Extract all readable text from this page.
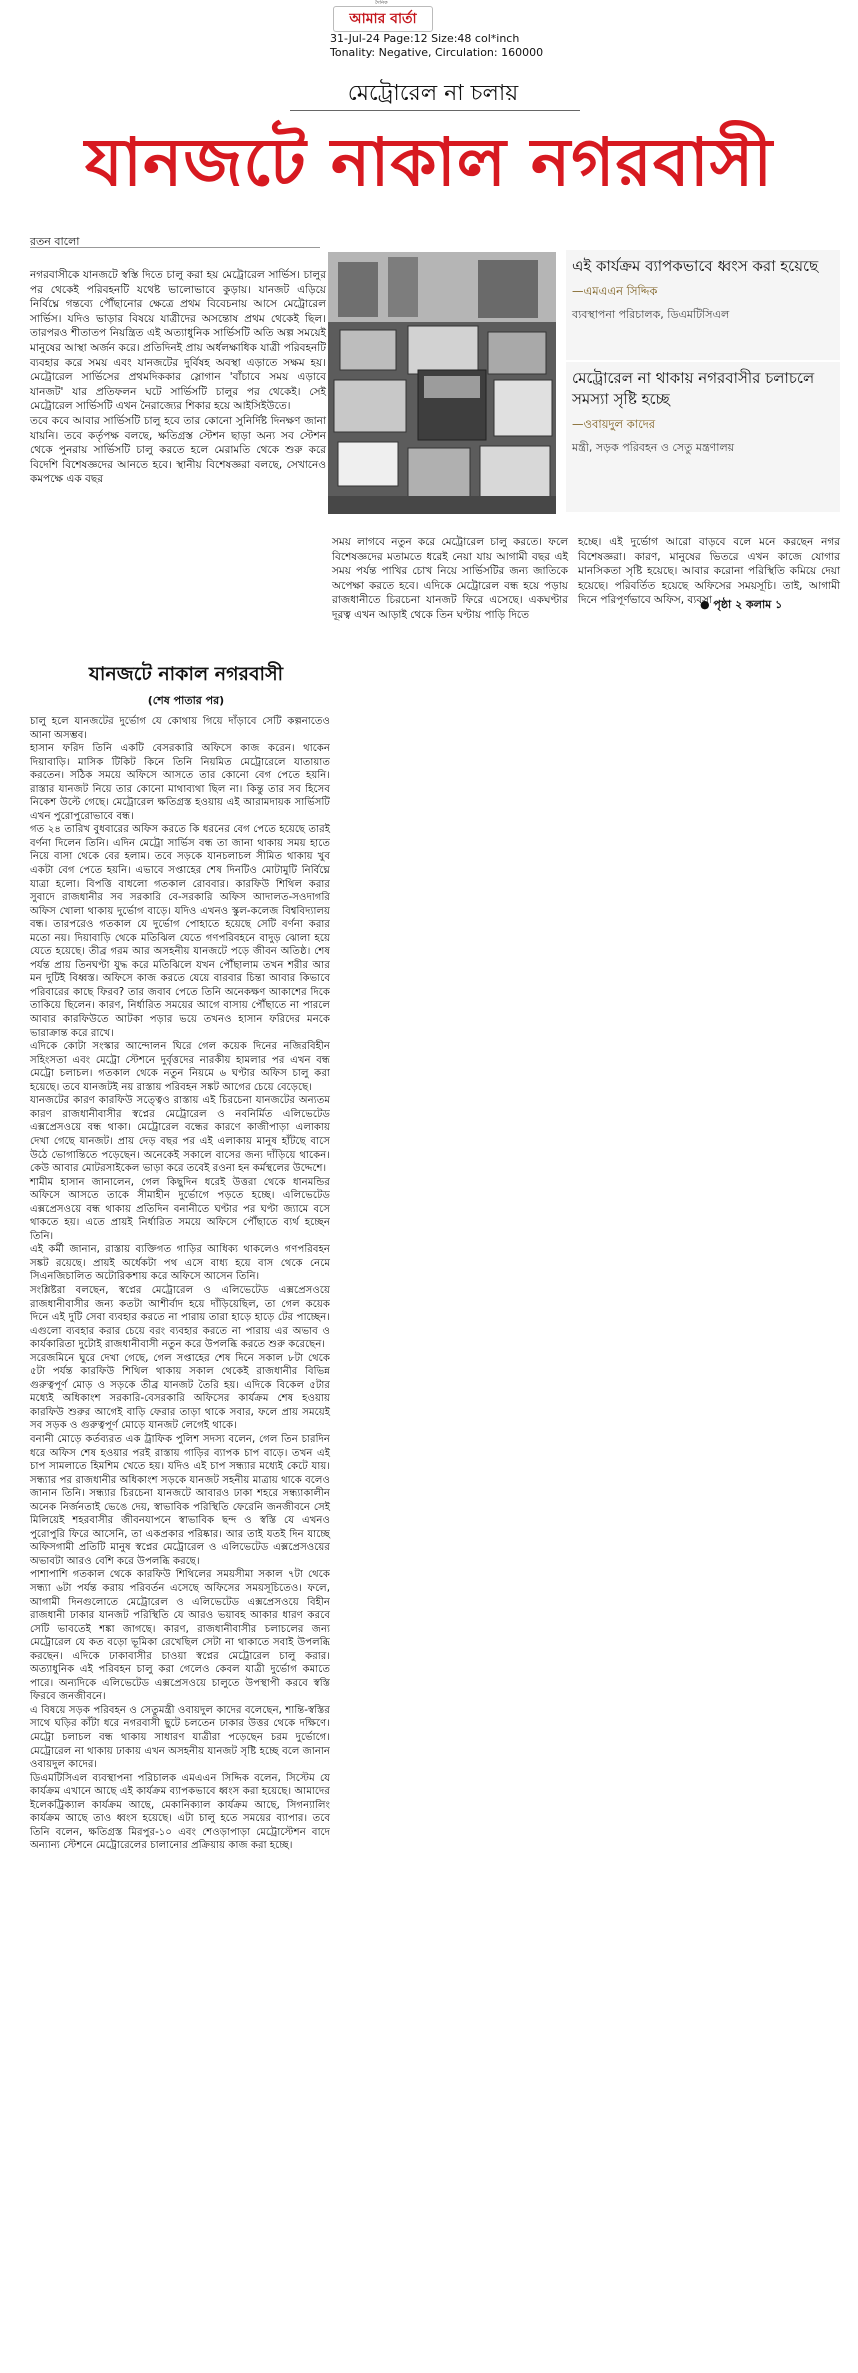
আমার বার্তা
দৈনিক
31-Jul-24 Page:12 Size:48 col*inch
Tonality: Negative, Circulation: 160000
মেট্রোরেল না চলায়
যানজটে নাকাল নগরবাসী
রতন বালো

নগরবাসীকে যানজটে স্বস্তি দিতে চালু করা হয় মেট্রোরেল সার্ভিস। চালুর পর থেকেই পরিবহনটি যথেষ্ট ভালোভাবে কুড়ায়। যানজট এড়িয়ে নির্বিঘ্নে গন্তব্যে পৌঁছানোর ক্ষেত্রে প্রথম বিবেচনায় আসে মেট্রোরেল সার্ভিস। যদিও ভাড়ার বিষয়ে যাত্রীদের অসন্তোষ প্রথম থেকেই ছিল। তারপরও শীতাতপ নিয়ন্ত্রিত এই অত্যাধুনিক সার্ভিসটি অতি অল্প সময়েই মানুষের আস্থা অর্জন করে। প্রতিদিনই প্রায় অর্ধলক্ষাধিক যাত্রী পরিবহনটি ব্যবহার করে সময় এবং যানজটের দুর্বিষহ অবস্থা এড়াতে সক্ষম হয়। মেট্রোরেল সার্ভিসের প্রথমদিককার স্লোগান 'বাঁচাবে সময় এড়াবে যানজট' যার প্রতিফলন ঘটে সার্ভিসটি চালুর পর থেকেই। সেই মেট্রোরেল সার্ভিসটি এখন নৈরাজ্যের শিকার হয়ে আইসিইউতে।

তবে কবে আবার সার্ভিসটি চালু হবে তার কোনো সুনির্দিষ্ট দিনক্ষণ জানা যায়নি। তবে কর্তৃপক্ষ বলছে, ক্ষতিগ্রস্ত স্টেশন ছাড়া অন্য সব স্টেশন থেকে পুনরায় সার্ভিসটি চালু করতে হলে মেরামতি থেকে শুরু করে বিদেশি বিশেষজ্ঞদের আনতে হবে। স্থানীয় বিশেষজ্ঞরা বলছে, সেখানেও কমপক্ষে এক বছর

এই কার্যক্রম ব্যাপকভাবে ধ্বংস করা হয়েছে

—এমএএন সিদ্দিক
ব্যবস্থাপনা পরিচালক, ডিএমটিসিএল

মেট্রোরেল না থাকায় নগরবাসীর চলাচলে সমস্যা সৃষ্টি হচ্ছে

—ওবায়দুল কাদের
মন্ত্রী, সড়ক পরিবহন ও সেতু মন্ত্রণালয়
সময় লাগবে নতুন করে মেট্রোরেল চালু করতে। ফলে বিশেষজ্ঞদের মতামতে ধরেই নেয়া যায় আগামী বছর এই সময় পর্যন্ত পাখির চোখ নিয়ে সার্ভিসটির জন্য জাতিকে অপেক্ষা করতে হবে। এদিকে মেট্রোরেল বন্ধ হয়ে পড়ায় রাজধানীতে চিরচেনা যানজট ফিরে এসেছে। একঘণ্টার দূরত্ব এখন আড়াই থেকে তিন ঘণ্টায় পাড়ি দিতে
হচ্ছে। এই দুর্ভোগ আরো বাড়বে বলে মনে করছেন নগর বিশেষজ্ঞরা। কারণ, মানুষের ভিতরে এখন কাজে যোগার মানসিকতা সৃষ্টি হয়েছে। আবার করোনা পরিস্থিতি কমিয়ে দেয়া হয়েছে। পরিবর্তিত হয়েছে অফিসের সময়সূচি। তাই, আগামী দিনে পরিপূর্ণভাবে অফিস, ব্যবসা
● পৃষ্ঠা ২ কলাম ১
যানজটে নাকাল নগরবাসী
(শেষ পাতার পর)

চালু হলে যানজটের দুর্ভোগ যে কোথায় গিয়ে দাঁড়াবে সেটি কল্পনাতেও আনা অসম্ভব।

হাসান ফরিদ তিনি একটি বেসরকারি অফিসে কাজ করেন। থাকেন দিয়াবাড়ি। মাসিক টিকিট কিনে তিনি নিয়মিত মেট্রোরেলে যাতায়াত করতেন। সঠিক সময়ে অফিসে আসতে তার কোনো বেগ পেতে হয়নি। রাস্তার যানজট নিয়ে তার কোনো মাথাব্যথা ছিল না। কিন্তু তার সব হিসেব নিকেশ উল্টে গেছে। মেট্রোরেল ক্ষতিগ্রস্ত হওয়ায় এই আরামদায়ক সার্ভিসটি এখন পুরোপুরোভাবে বন্ধ।

গত ২৪ তারিখ বুধবারের অফিস করতে কি ধরনের বেগ পেতে হয়েছে তারই বর্ণনা দিলেন তিনি। এদিন মেট্রো সার্ভিস বন্ধ তা জানা থাকায় সময় হাতে নিয়ে বাসা থেকে বের হলাম। তবে সড়কে যানচলাচল সীমিত থাকায় খুব একটা বেগ পেতে হয়নি। এভাবে সপ্তাহের শেষ দিনটিও মোটামুটি নির্বিঘ্নে যাত্রা হলো। বিপত্তি বাধলো গতকাল রোববার। কারফিউ শিথিল করার সুবাদে রাজধানীর সব সরকারি বে-সরকারি অফিস আদালত-সওদাগরি অফিস খোলা থাকায় দুর্ভোগ বাড়ে। যদিও এখনও স্কুল-কলেজ বিশ্ববিদ্যালয় বন্ধ। তারপরেও গতকাল যে দুর্ভোগ পোহাতে হয়েছে সেটি বর্ণনা করার মতো নয়। দিয়াবাড়ি থেকে মতিঝিল যেতে গণপরিবহনে বাদুড় ঝোলা হয়ে যেতে হয়েছে। তীব্র গরম আর অসহনীয় যানজটে পড়ে জীবন অতিষ্ঠ। শেষ পর্যন্ত প্রায় তিনঘণ্টা যুদ্ধ করে মতিঝিলে যখন পৌঁছালাম তখন শরীর আর মন দুটিই বিধ্বস্ত। অফিসে কাজ করতে যেয়ে বারবার চিন্তা আবার কিভাবে পরিবারের কাছে ফিরব? তার জবাব পেতে তিনি অনেকক্ষণ আকাশের দিকে তাকিয়ে ছিলেন। কারণ, নির্ধারিত সময়ের আগে বাসায় পৌঁছাতে না পারলে আবার কারফিউতে আটকা পড়ার ভয়ে তখনও হাসান ফরিদের মনকে ভারাক্রান্ত করে রাখে।

এদিকে কোটা সংস্কার আন্দোলন ঘিরে গেল কয়েক দিনের নজিরবিহীন সহিংসতা এবং মেট্রো স্টেশনে দুর্বৃত্তদের নারকীয় হামলার পর এখন বন্ধ মেট্রো চলাচল। গতকাল থেকে নতুন নিয়মে ৬ ঘণ্টার অফিস চালু করা হয়েছে। তবে যানজটই নয় রাস্তায় পরিবহন সঙ্কট আগের চেয়ে বেড়েছে।

যানজটের কারণ কারফিউ সত্ত্বেও রাস্তায় এই চিরচেনা যানজটের অন্যতম কারণ রাজধানীবাসীর স্বপ্নের মেট্রোরেল ও নবনির্মিত এলিভেটেড এক্সপ্রেসওয়ে বন্ধ থাকা। মেট্রোরেল বন্ধের কারণে কাজীপাড়া এলাকায় দেখা গেছে যানজট। প্রায় দেড় বছর পর এই এলাকায় মানুষ হাঁটছে বাসে উঠে ভোগান্তিতে পড়েছেন। অনেকেই সকালে বাসের জন্য দাঁড়িয়ে থাকেন। কেউ আবার মোটরসাইকেল ভাড়া করে তবেই রওনা হন কর্মস্থলের উদ্দেশে।

শামীম হাসান জানালেন, গেল কিছুদিন ধরেই উত্তরা থেকে ধানমন্ডির অফিসে আসতে তাকে সীমাহীন দুর্ভোগে পড়তে হচ্ছে। এলিভেটেড এক্সপ্রেসওয়ে বন্ধ থাকায় প্রতিদিন বনানীতে ঘণ্টার পর ঘণ্টা জ্যামে বসে থাকতে হয়। এতে প্রায়ই নির্ধারিত সময়ে অফিসে পৌঁছাতে ব্যর্থ হচ্ছেন তিনি।

এই কর্মী জানান, রাস্তায় ব্যক্তিগত গাড়ির আধিক্য থাকলেও গণপরিবহন সঙ্কট রয়েছে। প্রায়ই অর্ধেকটা পথ এসে বাধ্য হয়ে বাস থেকে নেমে সিএনজিচালিত অটোরিকশায় করে অফিসে আসেন তিনি।

সংশ্লিষ্টরা বলছেন, স্বপ্নের মেট্রোরেল ও এলিভেটেড এক্সপ্রেসওয়ে রাজধানীবাসীর জন্য কতটা আশীর্বাদ হয়ে দাঁড়িয়েছিল, তা গেল কয়েক দিনে এই দুটি সেবা ব্যবহার করতে না পারায় তারা হাড়ে হাড়ে টের পাচ্ছেন। এগুলো ব্যবহার করার চেয়ে বরং ব্যবহার করতে না পারায় এর অভাব ও কার্যকারিতা দুটোই রাজধানীবাসী নতুন করে উপলব্ধি করতে শুরু করেছেন।

সরেজমিনে ঘুরে দেখা গেছে, গেল সপ্তাহের শেষ দিনে সকাল ৮টা থেকে ৫টা পর্যন্ত কারফিউ শিথিল থাকায় সকাল থেকেই রাজধানীর বিভিন্ন গুরুত্বপূর্ণ মোড় ও সড়কে তীব্র যানজট তৈরি হয়। এদিকে বিকেল ৫টার মধ্যেই অধিকাংশ সরকারি-বেসরকারি অফিসের কার্যক্রম শেষ হওয়ায় কারফিউ শুরুর আগেই বাড়ি ফেরার তাড়া থাকে সবার, ফলে প্রায় সময়েই সব সড়ক ও গুরুত্বপূর্ণ মোড়ে যানজট লেগেই থাকে।

বনানী মোড়ে কর্তব্যরত এক ট্রাফিক পুলিশ সদস্য বলেন, গেল তিন চারদিন ধরে অফিস শেষ হওয়ার পরই রাস্তায় গাড়ির ব্যাপক চাপ বাড়ে। তখন এই চাপ সামলাতে হিমশিম খেতে হয়। যদিও এই চাপ সন্ধ্যার মধ্যেই কেটে যায়। সন্ধ্যার পর রাজধানীর অধিকাংশ সড়কে যানজট সহনীয় মাত্রায় থাকে বলেও জানান তিনি। সন্ধ্যার চিরচেনা যানজটে আবারও ঢাকা শহরে সন্ধ্যাকালীন অনেক নির্জনতাই ভেঙে দেয়, স্বাভাবিক পরিস্থিতি ফেরেনি জনজীবনে সেই মিলিয়েই শহরবাসীর জীবনযাপনে স্বাভাবিক ছন্দ ও স্বস্তি যে এখনও পুরোপুরি ফিরে আসেনি, তা একপ্রকার পরিষ্কার। আর তাই যতই দিন যাচ্ছে অফিসগামী প্রতিটি মানুষ স্বপ্নের মেট্রোরেল ও এলিভেটেড এক্সপ্রেসওয়ের অভাবটা আরও বেশি করে উপলব্ধি করছে।

পাশাপাশি গতকাল থেকে কারফিউ শিথিলের সময়সীমা সকাল ৭টা থেকে সন্ধ্যা ৬টা পর্যন্ত করায় পরিবর্তন এসেছে অফিসের সময়সূচিতেও। ফলে, আগামী দিনগুলোতে মেট্রোরেল ও এলিভেটেড এক্সপ্রেসওয়ে বিহীন রাজধানী ঢাকার যানজট পরিস্থিতি যে আরও ভয়াবহ আকার ধারণ করবে সেটি ভাবতেই শঙ্কা জাগছে। কারণ, রাজধানীবাসীর চলাচলের জন্য মেট্রোরেল যে কত বড়ো ভূমিকা রেখেছিল সেটা না থাকাতে সবাই উপলব্ধি করছেন। এদিকে ঢাকাবাসীর চাওয়া স্বপ্নের মেট্রোরেল চালু করার। অত্যাধুনিক এই পরিবহন চালু করা গেলেও কেবল যাত্রী দুর্ভোগ কমাতে পারে। অন্যদিকে এলিভেটেড এক্সপ্রেসওয়ে চালুতে উপস্থাপী করবে স্বস্তি ফিরবে জনজীবনে।

এ বিষয়ে সড়ক পরিবহন ও সেতুমন্ত্রী ওবায়দুল কাদের বলেছেন, শান্তি-স্বস্তির সাথে ঘড়ির কাঁটা ধরে নগরবাসী ছুটে চলতেন ঢাকার উত্তর থেকে দক্ষিণে। মেট্রো চলাচল বন্ধ থাকায় সাধারণ যাত্রীরা পড়েছেন চরম দুর্ভোগে। মেট্রোরেল না থাকায় ঢাকায় এখন অসহনীয় যানজট সৃষ্টি হচ্ছে বলে জানান ওবায়দুল কাদের।

ডিএমটিসিএল ব্যবস্থাপনা পরিচালক এমএএন সিদ্দিক বলেন, সিস্টেম যে কার্যক্রম এখানে আছে এই কার্যক্রম ব্যাপকভাবে ধ্বংস করা হয়েছে। আমাদের ইলেকট্রিক্যাল কার্যক্রম আছে, মেকানিক্যাল কার্যক্রম আছে, সিগন্যালিং কার্যক্রম আছে তাও ধ্বংস হয়েছে। এটা চালু হতে সময়ের ব্যাপার। তবে তিনি বলেন, ক্ষতিগ্রস্ত মিরপুর-১০ এবং শেওড়াপাড়া মেট্রোস্টেশন বাদে অন্যান্য স্টেশনে মেট্রোরেলের চালানোর প্রক্রিয়ায় কাজ করা হচ্ছে।
